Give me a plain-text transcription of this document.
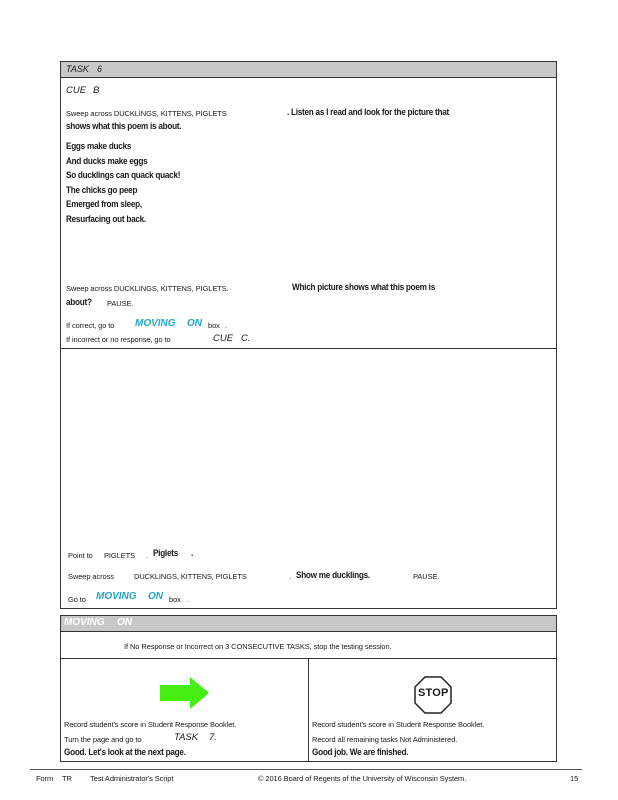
TASK 6
CUE B
Sweep across DUCKLINGS, KITTENS, PIGLETS	. Listen as I read and look for the picture that
shows what this poem is about.
Eggs make ducks
And ducks make eggs
So ducklings can quack quack!
The chicks go peep
Emerged from sleep,
Resurfacing out back.
Sweep across DUCKLINGS, KITTENS, PIGLETS.	Which picture shows what this poem is
about? PAUSE.
If correct, go to MOVING ON box .
If incorrect or no response, go to	CUE C.
Point to PIGLETS . Piglets .
Sweep across	DUCKLINGS, KITTENS, PIGLETS	. Show me ducklings.	PAUSE.
Go to MOVING ON box .
MOVING ON
If No Response or Incorrect on 3 CONSECUTIVE TASKS, stop the testing session.
Record student's score in Student Response Booklet.
Turn the page and go to	TASK 7.
Good. Let's look at the next page.
STOP
Record student's score in Student Response Booklet.
Record all remaining tasks Not Administered.
Good job. We are finished.
Form TR Test Administrator's Script	© 2016 Board of Regents of the University of Wisconsin System.	15
